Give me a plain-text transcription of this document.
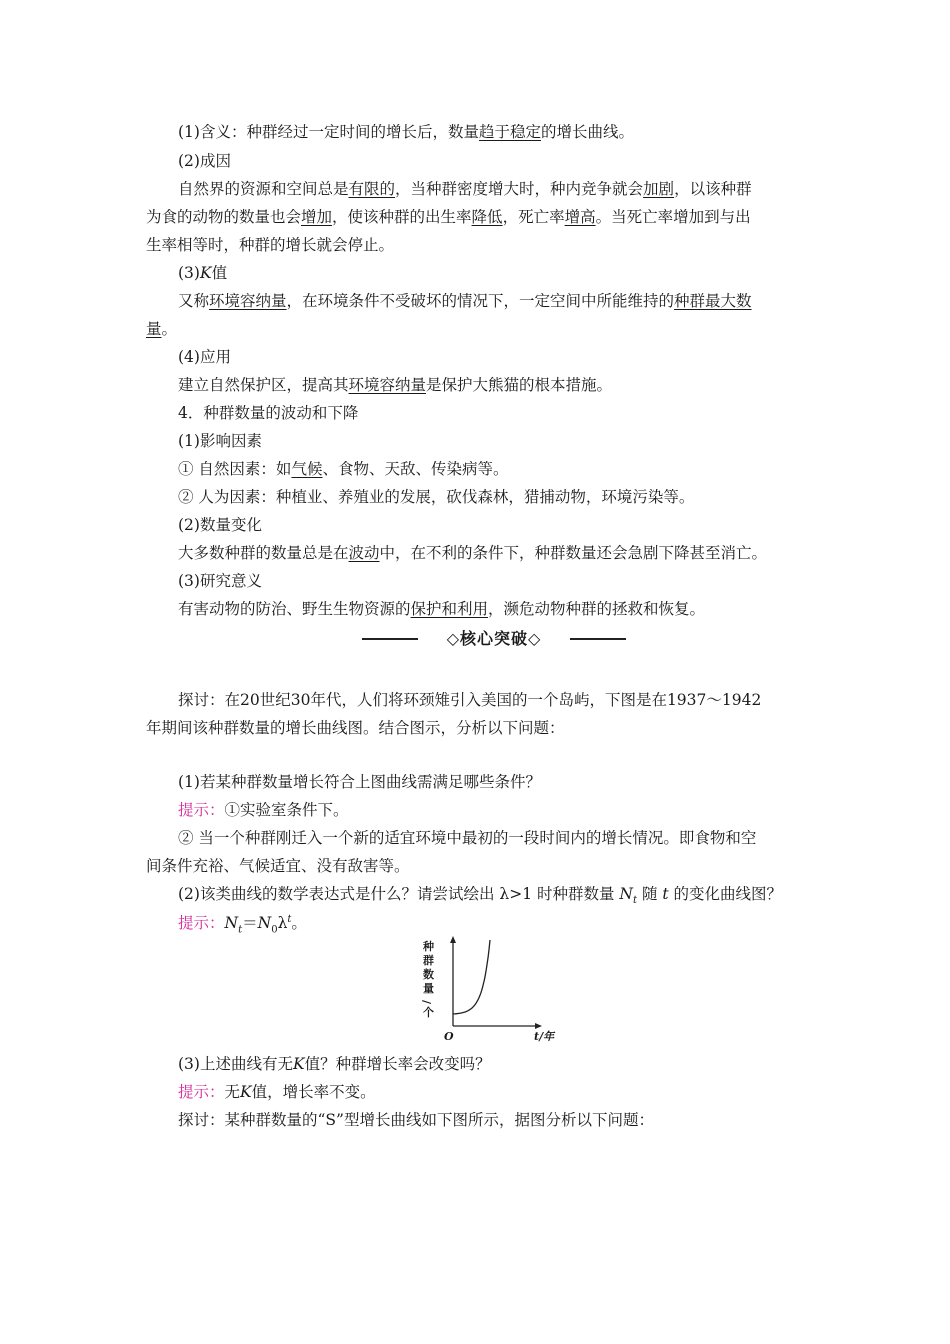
(1)含义：种群经过一定时间的增长后，数量趋于稳定的增长曲线。
(2)成因
自然界的资源和空间总是有限的，当种群密度增大时，种内竞争就会加剧，以该种群
为食的动物的数量也会增加，使该种群的出生率降低，死亡率增高。当死亡率增加到与出
生率相等时，种群的增长就会停止。
(3)K值
又称环境容纳量，在环境条件不受破坏的情况下，一定空间中所能维持的种群最大数
量。
(4)应用
建立自然保护区，提高其环境容纳量是保护大熊猫的根本措施。
4．种群数量的波动和下降
(1)影响因素
① 自然因素：如气候、食物、天敌、传染病等。
② 人为因素：种植业、养殖业的发展，砍伐森林，猎捕动物，环境污染等。
(2)数量变化
大多数种群的数量总是在波动中，在不利的条件下，种群数量还会急剧下降甚至消亡。
(3)研究意义
有害动物的防治、野生生物资源的保护和利用，濒危动物种群的拯救和恢复。
◇核心突破◇
探讨：在20世纪30年代，人们将环颈雉引入美国的一个岛屿，下图是在1937～1942
年期间该种群数量的增长曲线图。结合图示，分析以下问题：
(1)若某种群数量增长符合上图曲线需满足哪些条件？
提示：①实验室条件下。
② 当一个种群刚迁入一个新的适宜环境中最初的一段时间内的增长情况。即食物和空
间条件充裕、气候适宜、没有敌害等。
(2)该类曲线的数学表达式是什么？请尝试绘出 λ>1 时种群数量 $N_t$ 随 t 的变化曲线图？
提示：$N_t=N_0\lambda^t$。
种
群
数
量
/
个
O	t/年
(3)上述曲线有无K值？种群增长率会改变吗？
提示：无K值，增长率不变。
探讨：某种群数量的“S”型增长曲线如下图所示，据图分析以下问题：
